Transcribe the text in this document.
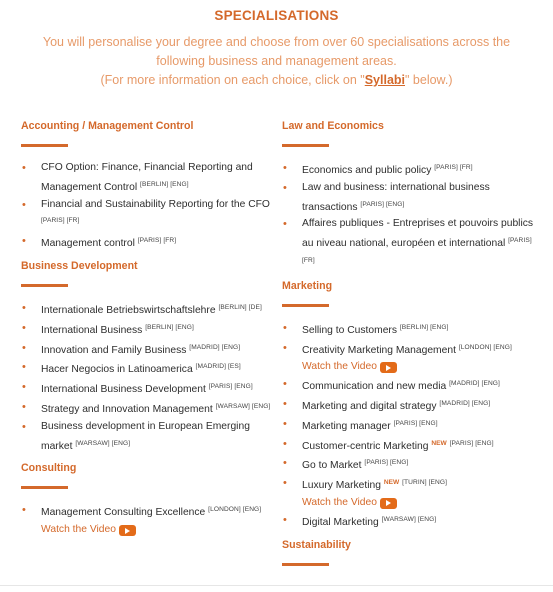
SPECIALISATIONS
You will personalise your degree and choose from over 60 specialisations across the
following business and management areas.
(For more information on each choice, click on "Syllabi" below.)
Accounting / Management Control
• CFO Option: Finance, Financial Reporting and Management Control [BERLIN] [ENG]
• Financial and Sustainability Reporting for the CFO [PARIS] [FR]
• Management control [PARIS] [FR]
Business Development
• Internationale Betriebswirtschaftslehre [BERLIN] [DE]
• International Business [BERLIN] [ENG]
• Innovation and Family Business [MADRID] [ENG]
• Hacer Negocios in Latinoamerica [MADRID] [ES]
• International Business Development [PARIS] [ENG]
• Strategy and Innovation Management [WARSAW] [ENG]
• Business development in European Emerging market [WARSAW] [ENG]
Consulting
• Management Consulting Excellence [LONDON] [ENG]

Watch the Video
Law and Economics
• Economics and public policy [PARIS] [FR]
• Law and business: international business transactions [PARIS] [ENG]
• Affaires publiques - Entreprises et pouvoirs publics au niveau national, européen et international [PARIS] [FR]
Marketing
• Selling to Customers [BERLIN] [ENG]
• Creativity Marketing Management [LONDON] [ENG]

Watch the Video
• Communication and new media [MADRID] [ENG]
• Marketing and digital strategy [MADRID] [ENG]
• Marketing manager [PARIS] [ENG]
• Customer-centric Marketing $^{NEW}$ [PARIS] [ENG]
• Go to Market [PARIS] [ENG]
• Luxury Marketing $^{NEW}$ [TURIN] [ENG]

Watch the Video
• Digital Marketing [WARSAW] [ENG]
Sustainability
